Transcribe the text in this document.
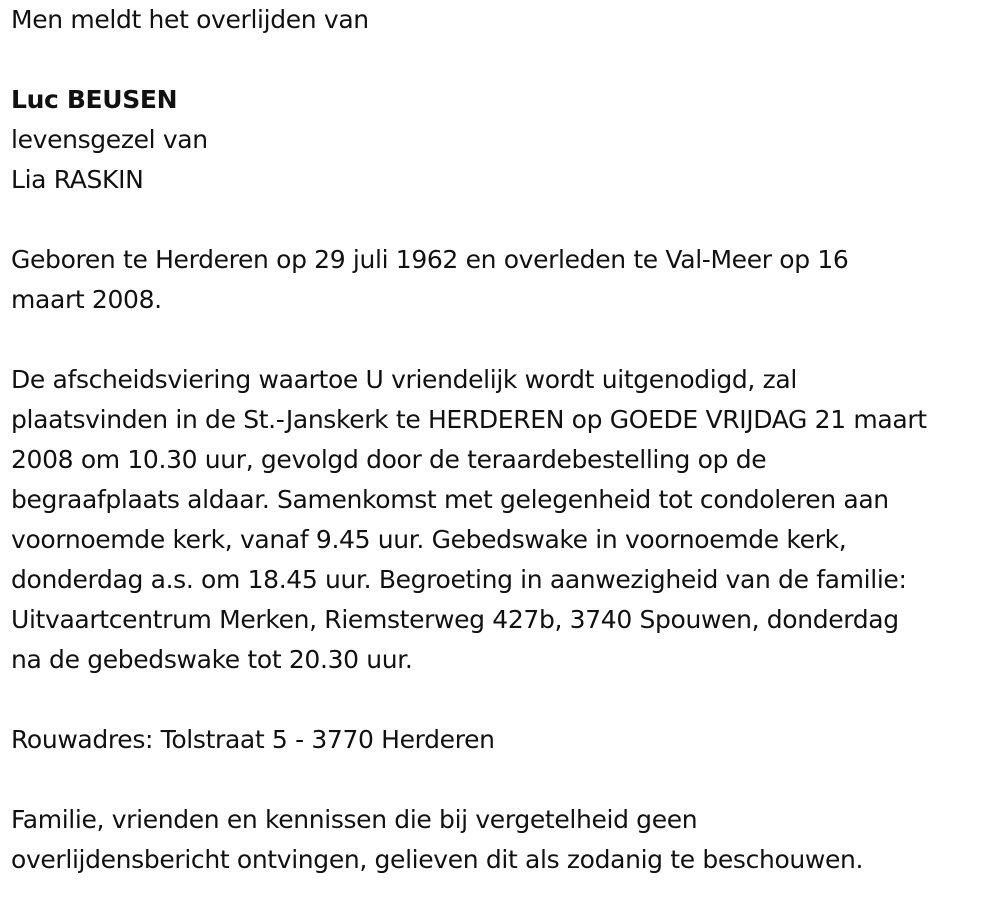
Men meldt het overlijden van
Luc BEUSEN
levensgezel van
Lia RASKIN
Geboren te Herderen op 29 juli 1962 en overleden te Val-Meer op 16
maart 2008.
De afscheidsviering waartoe U vriendelijk wordt uitgenodigd, zal
plaatsvinden in de St.-Janskerk te HERDEREN op GOEDE VRIJDAG 21 maart
2008 om 10.30 uur, gevolgd door de teraardebestelling op de
begraafplaats aldaar. Samenkomst met gelegenheid tot condoleren aan
voornoemde kerk, vanaf 9.45 uur. Gebedswake in voornoemde kerk,
donderdag a.s. om 18.45 uur. Begroeting in aanwezigheid van de familie:
Uitvaartcentrum Merken, Riemsterweg 427b, 3740 Spouwen, donderdag
na de gebedswake tot 20.30 uur.
Rouwadres: Tolstraat 5 - 3770 Herderen
Familie, vrienden en kennissen die bij vergetelheid geen
overlijdensbericht ontvingen, gelieven dit als zodanig te beschouwen.
